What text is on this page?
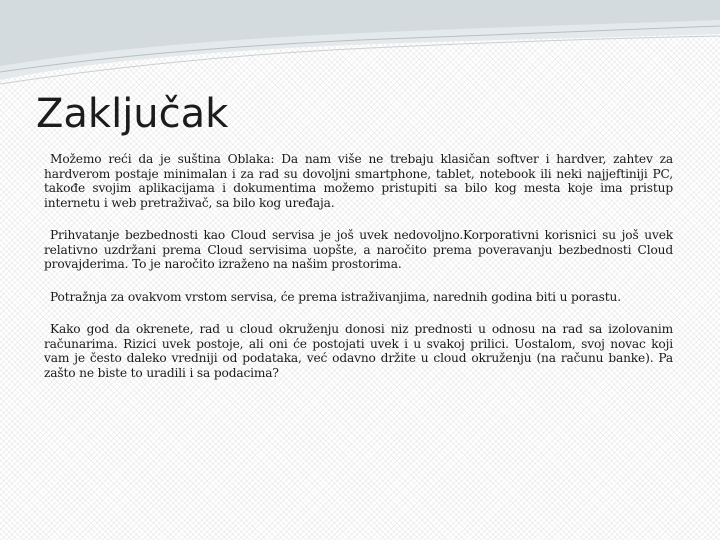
Zaključak

Možemo reći da je suština Oblaka: Da nam više ne trebaju klasičan softver i hardver, zahtev za hardverom postaje minimalan i za rad su dovoljni smartphone, tablet, notebook ili neki najjeftiniji PC, takođe svojim aplikacijama i dokumentima možemo pristupiti sa bilo kog mesta koje ima pristup internetu i web pretraživač, sa bilo kog uređaja.

Prihvatanje bezbednosti kao Cloud servisa je još uvek nedovoljno.Korporativni korisnici su još uvek relativno uzdržani prema Cloud servisima uopšte, a naročito prema poveravanju bezbednosti Cloud provajderima. To je naročito izraženo na našim prostorima.

Potražnja za ovakvom vrstom servisa, će prema istraživanjima, narednih godina biti u porastu.

Kako god da okrenete, rad u cloud okruženju donosi niz prednosti u odnosu na rad sa izolovanim računarima. Rizici uvek postoje, ali oni će postojati uvek i u svakoj prilici. Uostalom, svoj novac koji vam je često daleko vredniji od podataka, već odavno držite u cloud okruženju (na računu banke). Pa zašto ne biste to uradili i sa podacima?
